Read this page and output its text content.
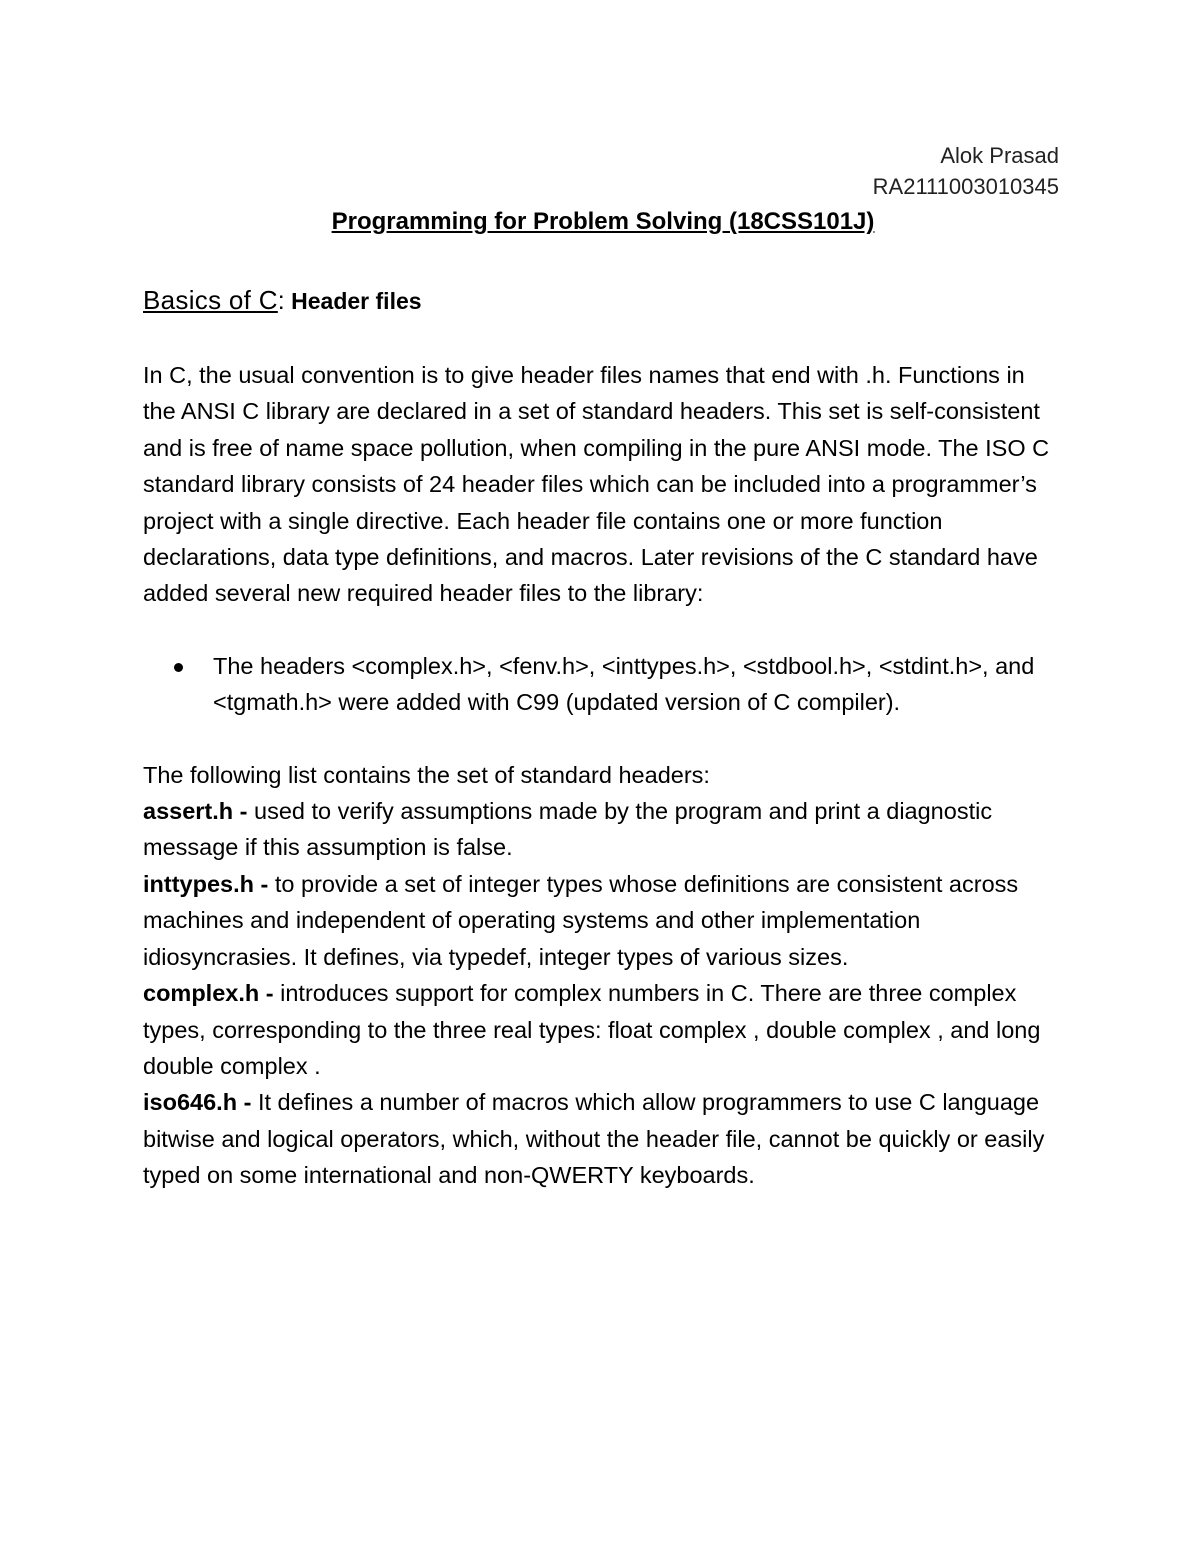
Alok Prasad
RA2111003010345
Programming for Problem Solving (18CSS101J)
Basics of C: Header files

In C, the usual convention is to give header files names that end with .h. Functions in the ANSI C library are declared in a set of standard headers. This set is self-consistent and is free of name space pollution, when compiling in the pure ANSI mode. The ISO C standard library consists of 24 header files which can be included into a programmer’s project with a single directive. Each header file contains one or more function declarations, data type definitions, and macros. Later revisions of the C standard have added several new required header files to the library:

The headers <complex.h>, <fenv.h>, <inttypes.h>, <stdbool.h>, <stdint.h>, and <tgmath.h> were added with C99 (updated version of C compiler).
The following list contains the set of standard headers:
assert.h - used to verify assumptions made by the program and print a diagnostic message if this assumption is false.
inttypes.h - to provide a set of integer types whose definitions are consistent across machines and independent of operating systems and other implementation idiosyncrasies. It defines, via typedef, integer types of various sizes.
complex.h - introduces support for complex numbers in C. There are three complex types, corresponding to the three real types: float complex , double complex , and long double complex .
iso646.h - It defines a number of macros which allow programmers to use C language bitwise and logical operators, which, without the header file, cannot be quickly or easily typed on some international and non-QWERTY keyboards.
